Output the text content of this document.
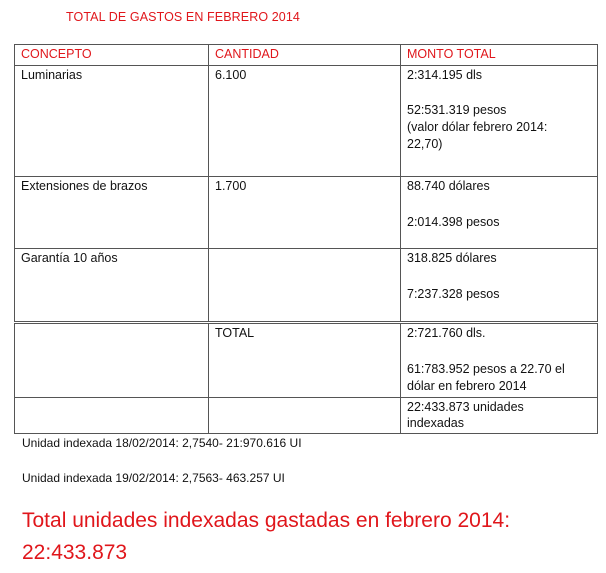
TOTAL DE GASTOS EN FEBRERO 2014
CONCEPTO	CANTIDAD	MONTO TOTAL
Luminarias	6.100	2:314.195 dls
52:531.319 pesos
(valor dólar febrero 2014:
22,70)

Extensiones de brazos	1.700	88.740 dólares
2:014.398 pesos

Garantía 10 años		318.825 dólares
7:237.328 pesos
	TOTAL	2:721.760 dls.
61:783.952 pesos a 22.70 el
dólar en febrero 2014

		22:433.873 unidades
indexadas
Unidad indexada 18/02/2014: 2,7540- 21:970.616 UI
Unidad indexada 19/02/2014: 2,7563- 463.257 UI
Total unidades indexadas gastadas en febrero 2014:
22:433.873
